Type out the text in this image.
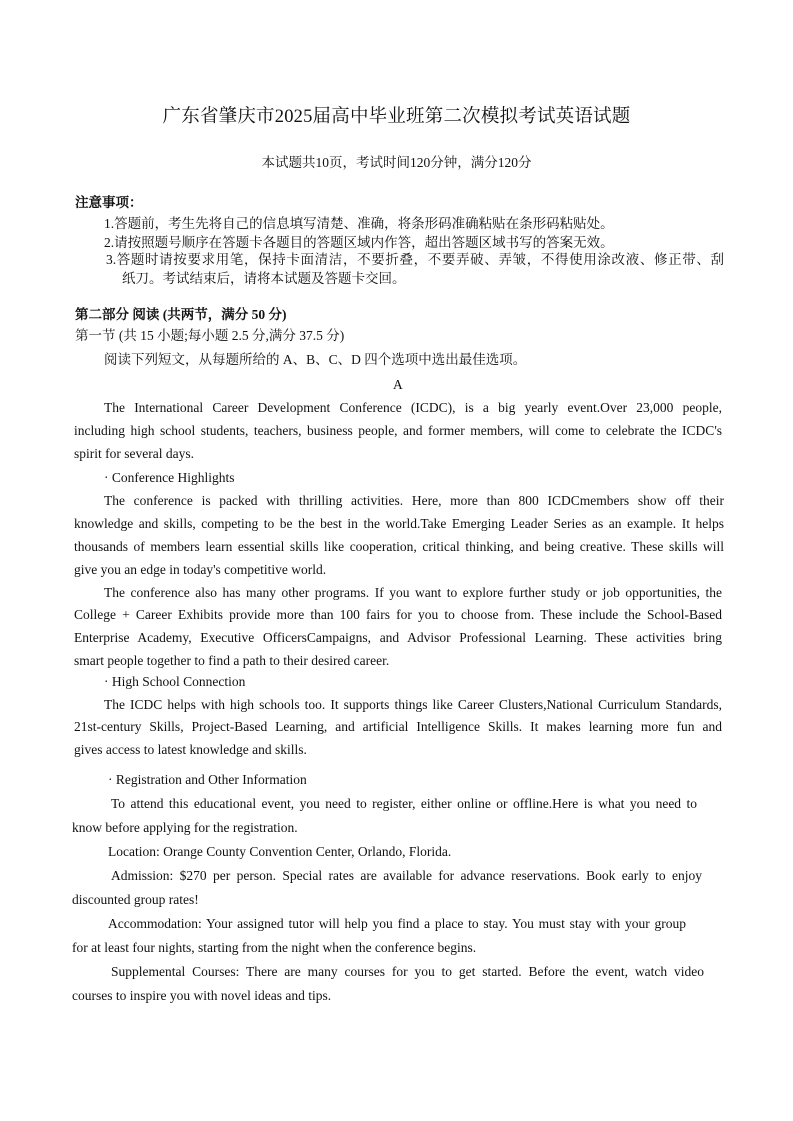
广东省肇庆市2025届高中毕业班第二次模拟考试英语试题
本试题共10页，考试时间120分钟，满分120分
注意事项：
1.答题前，考生先将自己的信息填写清楚、准确，将条形码准确粘贴在条形码粘贴处。
2.请按照题号顺序在答题卡各题目的答题区域内作答，超出答题区域书写的答案无效。
3.答题时请按要求用笔，保持卡面清洁，不要折叠，不要弄破、弄皱，不得使用涂改液、修正带、刮
纸刀。考试结束后，请将本试题及答题卡交回。
第二部分 阅读 (共两节，满分 50 分)
第一节 (共 15 小题;每小题 2.5 分,满分 37.5 分)
阅读下列短文，从每题所给的 A、B、C、D 四个选项中选出最佳选项。
A
The International Career Development Conference (ICDC), is a big yearly event.Over 23,000 people,
including high school students, teachers, business people, and former members, will come to celebrate the ICDC's
spirit for several days.
· Conference Highlights
The conference is packed with thrilling activities. Here, more than 800 ICDCmembers show off their
knowledge and skills, competing to be the best in the world.Take Emerging Leader Series as an example. It helps
thousands of members learn essential skills like cooperation, critical thinking, and being creative. These skills will
give you an edge in today's competitive world.
The conference also has many other programs. If you want to explore further study or job opportunities, the
College + Career Exhibits provide more than 100 fairs for you to choose from. These include the School-Based
Enterprise Academy, Executive OfficersCampaigns, and Advisor Professional Learning. These activities bring
smart people together to find a path to their desired career.
· High School Connection
The ICDC helps with high schools too. It supports things like Career Clusters,National Curriculum Standards,
21st-century Skills, Project-Based Learning, and artificial Intelligence Skills. It makes learning more fun and
gives access to latest knowledge and skills.
· Registration and Other Information
To attend this educational event, you need to register, either online or offline.Here is what you need to
know before applying for the registration.
Location: Orange County Convention Center, Orlando, Florida.
Admission: $270 per person. Special rates are available for advance reservations. Book early to enjoy
discounted group rates!
Accommodation: Your assigned tutor will help you find a place to stay. You must stay with your group
for at least four nights, starting from the night when the conference begins.
Supplemental Courses: There are many courses for you to get started. Before the event, watch video
courses to inspire you with novel ideas and tips.
